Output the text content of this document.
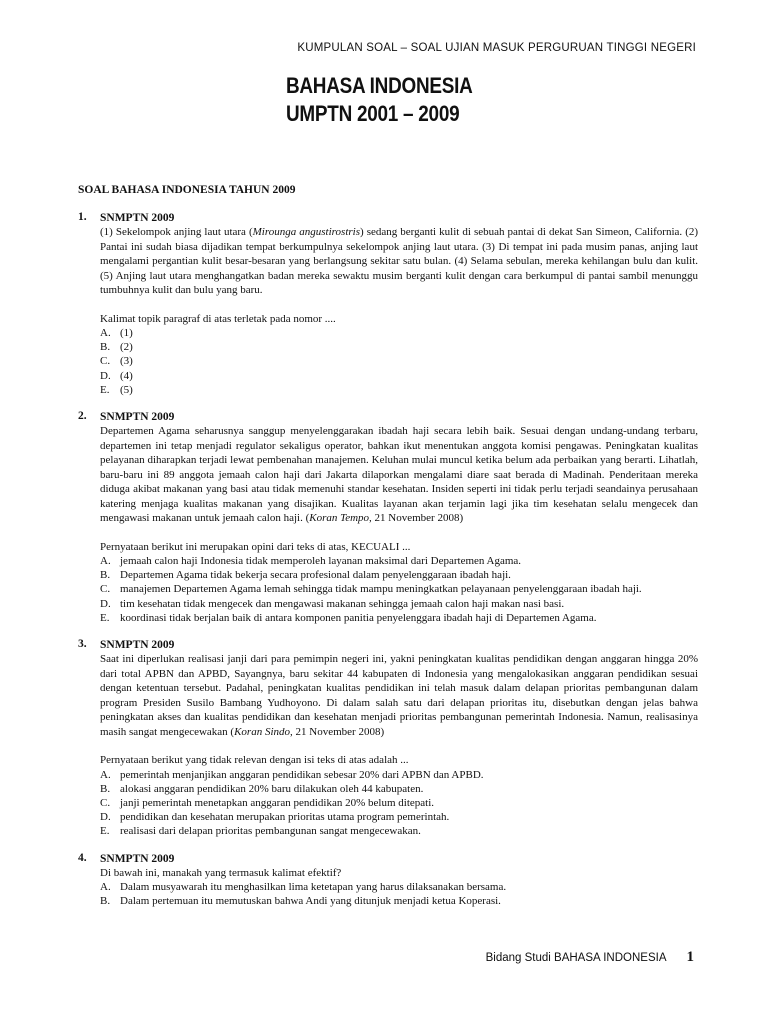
KUMPULAN SOAL – SOAL UJIAN MASUK PERGURUAN TINGGI NEGERI
BAHASA INDONESIA
UMPTN 2001 – 2009
SOAL BAHASA INDONESIA TAHUN 2009
1. SNMPTN 2009

(1) Sekelompok anjing laut utara (Mirounga angustirostris) sedang berganti kulit di sebuah pantai di dekat San Simeon, California. (2) Pantai ini sudah biasa dijadikan tempat berkumpulnya sekelompok anjing laut utara. (3) Di tempat ini pada musim panas, anjing laut mengalami pergantian kulit besar-besaran yang berlangsung sekitar satu bulan. (4) Selama sebulan, mereka kehilangan bulu dan kulit. (5) Anjing laut utara menghangatkan badan mereka sewaktu musim berganti kulit dengan cara berkumpul di pantai sambil menunggu tumbuhnya kulit dan bulu yang baru.

Kalimat topik paragraf di atas terletak pada nomor ....

A. (1)
B. (2)
C. (3)
D. (4)
E. (5)
2. SNMPTN 2009

Departemen Agama seharusnya sanggup menyelenggarakan ibadah haji secara lebih baik. Sesuai dengan undang-undang terbaru, departemen ini tetap menjadi regulator sekaligus operator, bahkan ikut menentukan anggota komisi pengawas. Peningkatan kualitas pelayanan diharapkan terjadi lewat pembenahan manajemen. Keluhan mulai muncul ketika belum ada perbaikan yang berarti. Lihatlah, baru-baru ini 89 anggota jemaah calon haji dari Jakarta dilaporkan mengalami diare saat berada di Madinah. Penderitaan mereka diduga akibat makanan yang basi atau tidak memenuhi standar kesehatan. Insiden seperti ini tidak perlu terjadi seandainya perusahaan katering menjaga kualitas makanan yang disajikan. Kualitas layanan akan terjamin lagi jika tim kesehatan selalu mengecek dan mengawasi makanan untuk jemaah calon haji. (Koran Tempo, 21 November 2008)

Pernyataan berikut ini merupakan opini dari teks di atas, KECUALI ...

A. jemaah calon haji Indonesia tidak memperoleh layanan maksimal dari Departemen Agama.
B. Departemen Agama tidak bekerja secara profesional dalam penyelenggaraan ibadah haji.
C. manajemen Departemen Agama lemah sehingga tidak mampu meningkatkan pelayanaan penyelenggaraan ibadah haji.
D. tim kesehatan tidak mengecek dan mengawasi makanan sehingga jemaah calon haji makan nasi basi.
E. koordinasi tidak berjalan baik di antara komponen panitia penyelenggara ibadah haji di Departemen Agama.
3. SNMPTN 2009

Saat ini diperlukan realisasi janji dari para pemimpin negeri ini, yakni peningkatan kualitas pendidikan dengan anggaran hingga 20% dari total APBN dan APBD, Sayangnya, baru sekitar 44 kabupaten di Indonesia yang mengalokasikan anggaran pendidikan sesuai dengan ketentuan tersebut. Padahal, peningkatan kualitas pendidikan ini telah masuk dalam delapan prioritas pembangunan dalam program Presiden Susilo Bambang Yudhoyono. Di dalam salah satu dari delapan prioritas itu, disebutkan dengan jelas bahwa peningkatan akses dan kualitas pendidikan dan kesehatan menjadi prioritas pembangunan pemerintah Indonesia. Namun, realisasinya masih sangat mengecewakan (Koran Sindo, 21 November 2008)

Pernyataan berikut yang tidak relevan dengan isi teks di atas adalah ...

A. pemerintah menjanjikan anggaran pendidikan sebesar 20% dari APBN dan APBD.
B. alokasi anggaran pendidikan 20% baru dilakukan oleh 44 kabupaten.
C. janji pemerintah menetapkan anggaran pendidikan 20% belum ditepati.
D. pendidikan dan kesehatan merupakan prioritas utama program pemerintah.
E. realisasi dari delapan prioritas pembangunan sangat mengecewakan.
4. SNMPTN 2009

Di bawah ini, manakah yang termasuk kalimat efektif?

A. Dalam musyawarah itu menghasilkan lima ketetapan yang harus dilaksanakan bersama.
B. Dalam pertemuan itu memutuskan bahwa Andi yang ditunjuk menjadi ketua Koperasi.
Bidang Studi BAHASA INDONESIA 1
